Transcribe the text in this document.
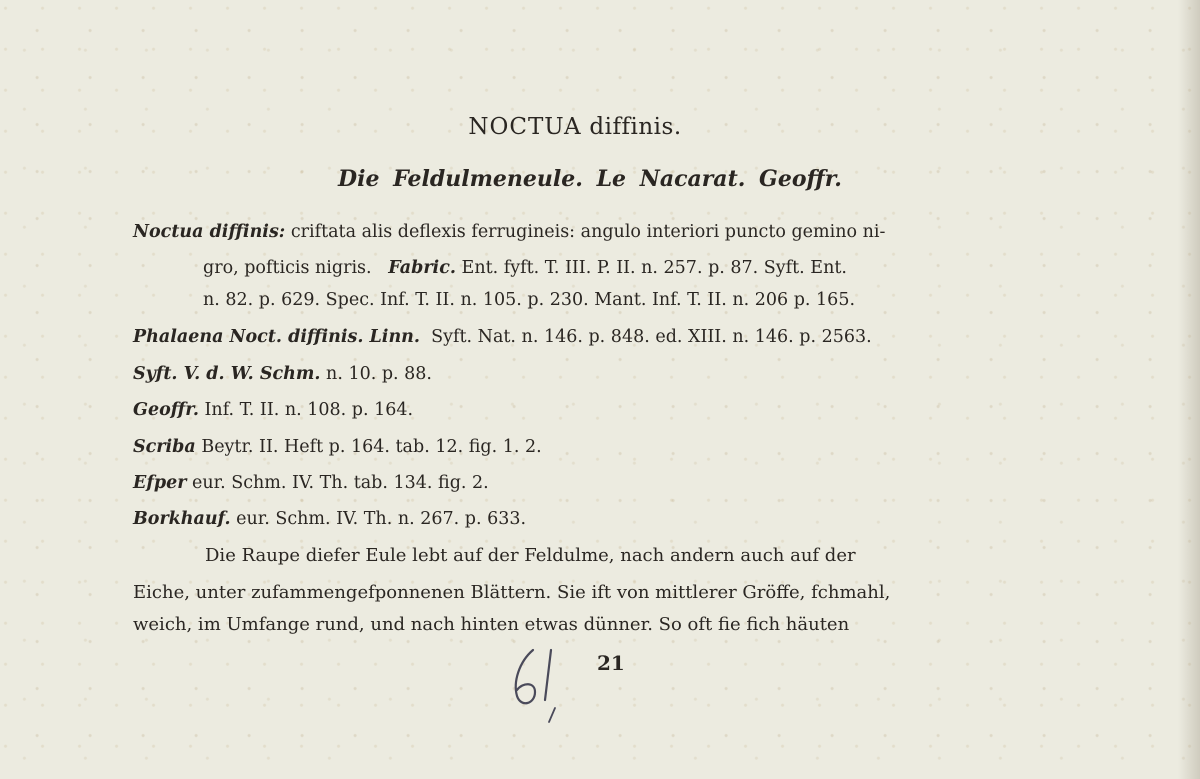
NOCTUA diffinis.
Die Feldulmeneule. Le Nacarat. Geoffr.
Noctua diffinis: criftata alis deflexis ferrugineis: angulo interiori puncto gemino ni-
gro, pofticis nigris. Fabric. Ent. fyft. T. III. P. II. n. 257. p. 87. Syft. Ent.
n. 82. p. 629. Spec. Inf. T. II. n. 105. p. 230. Mant. Inf. T. II. n. 206 p. 165.
Phalaena Noct. diffinis. Linn. Syft. Nat. n. 146. p. 848. ed. XIII. n. 146. p. 2563.
Syft. V. d. W. Schm. n. 10. p. 88.
Geoffr. Inf. T. II. n. 108. p. 164.
Scriba Beytr. II. Heft p. 164. tab. 12. fig. 1. 2.
Efper eur. Schm. IV. Th. tab. 134. fig. 2.
Borkhauf. eur. Schm. IV. Th. n. 267. p. 633.
Die Raupe diefer Eule lebt auf der Feldulme, nach andern auch auf der
Eiche, unter zufammengefponnenen Blättern. Sie ift von mittlerer Gröffe, fchmahl,
weich, im Umfange rund, und nach hinten etwas dünner. So oft fie fich häuten
21
